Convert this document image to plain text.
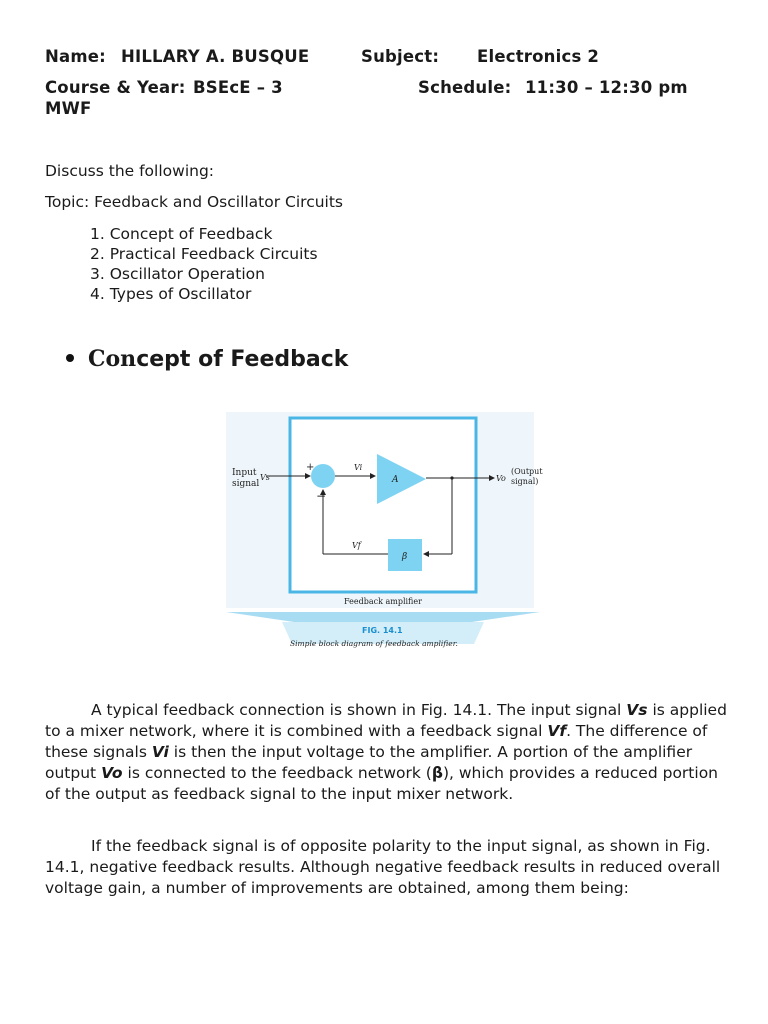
Name: HILLARY A. BUSQUE	Subject: Electronics 2
Course & Year: BSEcE – 3	Schedule: 11:30 – 12:30 pm
MWF
Discuss the following:
Topic: Feedback and Oscillator Circuits
1. Concept of Feedback
2. Practical Feedback Circuits
3. Oscillator Operation
4. Types of Oscillator
Concept of Feedback
Input
signal
Vs
+
−
Vi
A	Vo
(Output
signal)
Vf
β
Feedback amplifier
FIG. 14.1
Simple block diagram of feedback amplifier.
A typical feedback connection is shown in Fig. 14.1. The input signal Vs is applied to a mixer network, where it is combined with a feedback signal Vf. The difference of these signals Vi is then the input voltage to the amplifier. A portion of the amplifier output Vo is connected to the feedback network (β), which provides a reduced portion of the output as feedback signal to the input mixer network.
If the feedback signal is of opposite polarity to the input signal, as shown in Fig. 14.1, negative feedback results. Although negative feedback results in reduced overall voltage gain, a number of improvements are obtained, among them being:
